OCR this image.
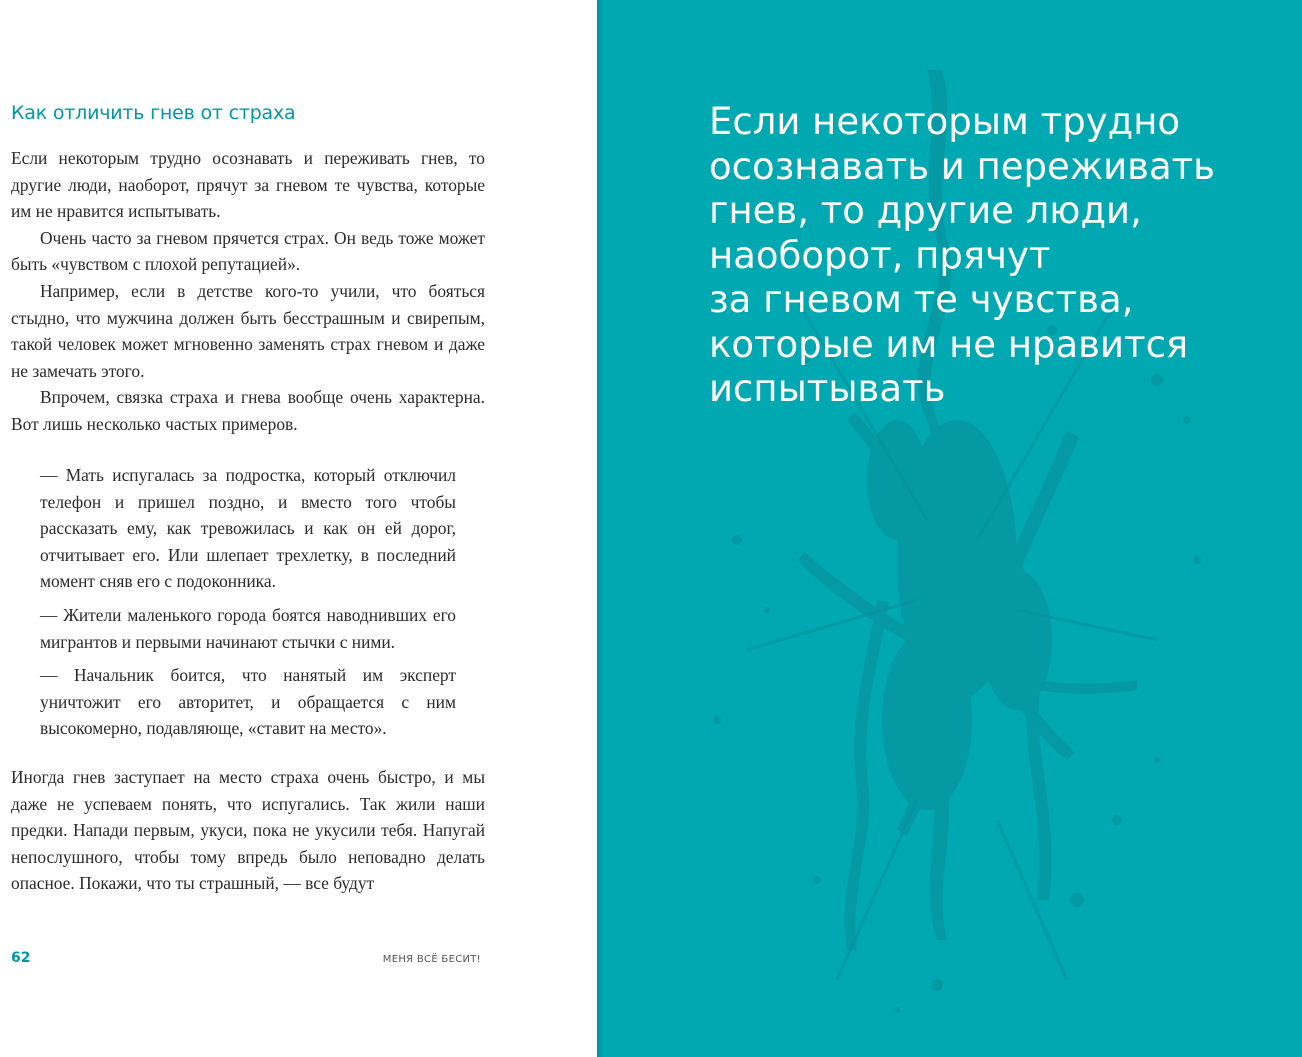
Как отличить гнев от страха

Если некоторым трудно осознавать и переживать гнев, то другие люди, наоборот, прячут за гневом те чувства, которые им не нравится испытывать.

Очень часто за гневом прячется страх. Он ведь тоже может быть «чувством с плохой репутацией».

Например, если в детстве кого-то учили, что бояться стыдно, что мужчина должен быть бесстрашным и свирепым, такой человек может мгновенно заменять страх гневом и даже не замечать этого.

Впрочем, связка страха и гнева вообще очень характерна. Вот лишь несколько частых примеров.

— Мать испугалась за подростка, который отключил телефон и пришел поздно, и вместо того чтобы рассказать ему, как тревожилась и как он ей дорог, отчитывает его. Или шлепает трехлетку, в последний момент сняв его с подоконника.

— Жители маленького города боятся наводнивших его мигрантов и первыми начинают стычки с ними.

— Начальник боится, что нанятый им эксперт уничтожит его авторитет, и обращается с ним высокомерно, подавляюще, «ставит на место».

Иногда гнев заступает на место страха очень быстро, и мы даже не успеваем понять, что испугались. Так жили наши предки. Напади первым, укуси, пока не укусили тебя. Напугай непослушного, чтобы тому впредь было неповадно делать опасное. Покажи, что ты страшный, — все будут

62	МЕНЯ ВСЁ БЕСИТ!
Если некоторым трудно
осознавать и переживать
гнев, то другие люди,
наоборот, прячут
за гневом те чувства,
которые им не нравится
испытывать
